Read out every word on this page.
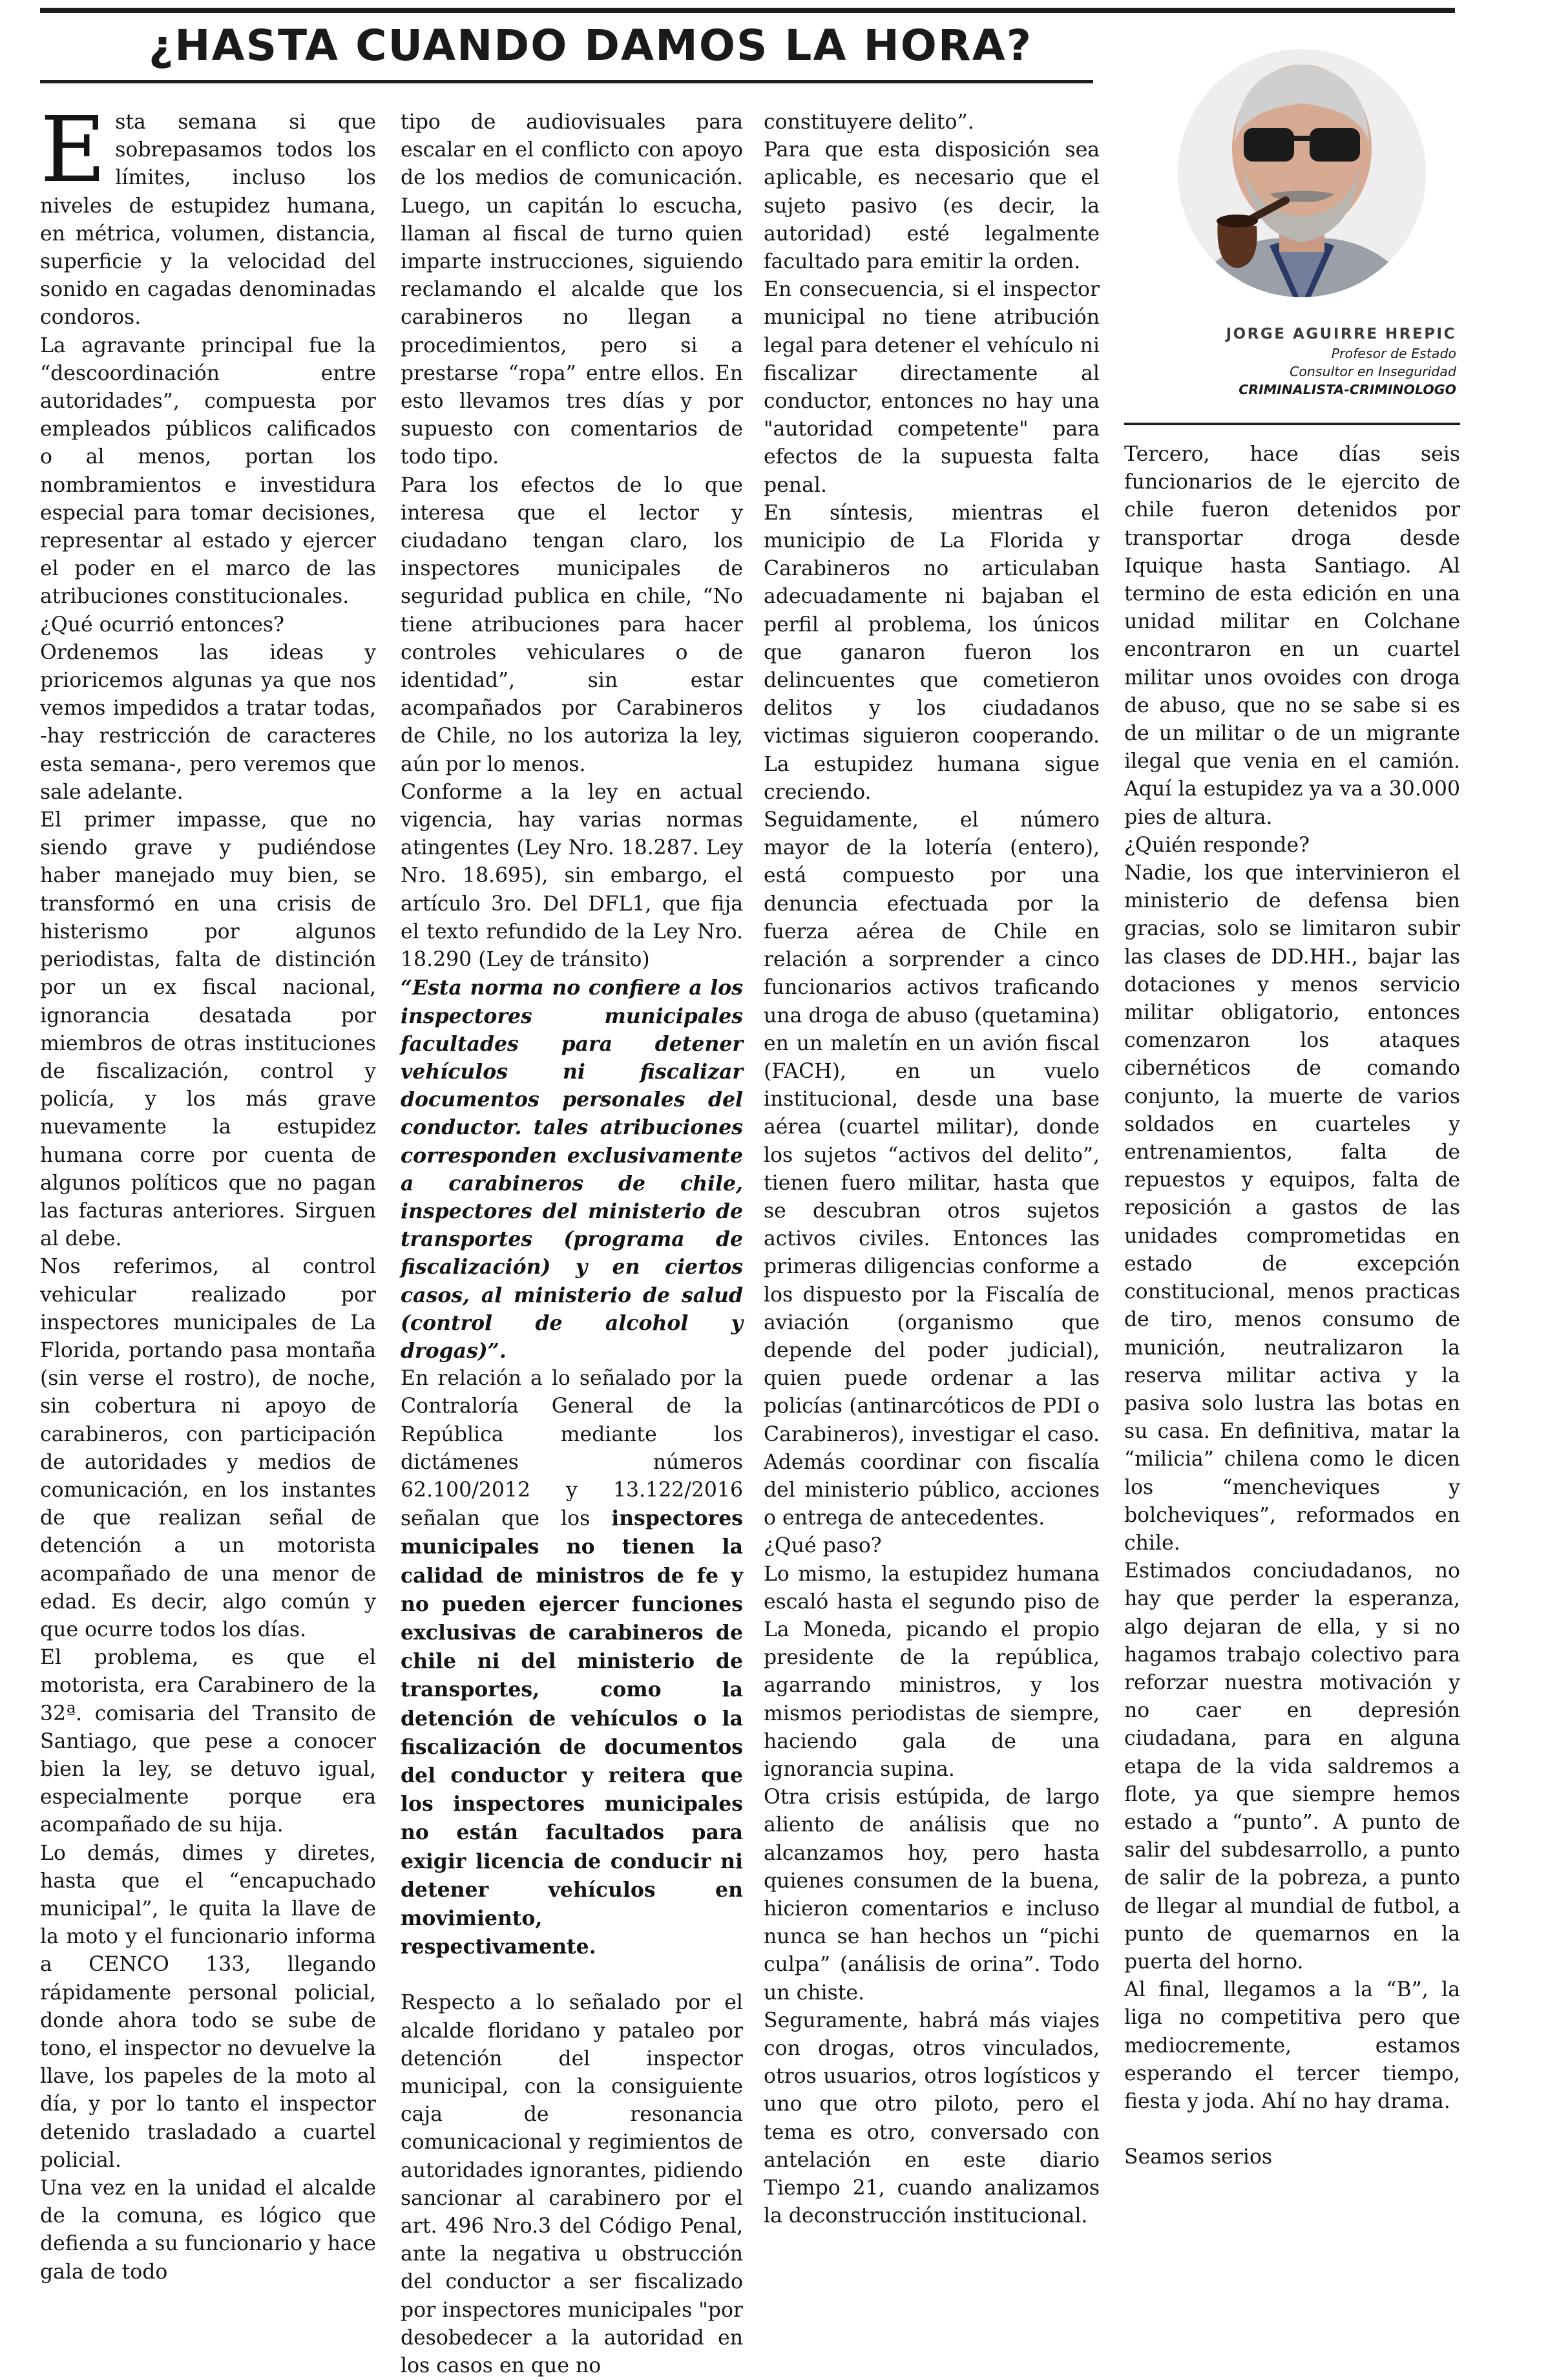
¿HASTA CUANDO DAMOS LA HORA?
JORGE AGUIRRE HREPIC
Profesor de Estado
Consultor en Inseguridad
CRIMINALISTA-CRIMINOLOGO

Esta semana si que sobrepasamos todos los límites, incluso los niveles de estupidez humana, en métrica, volumen, distancia, superficie y la velocidad del sonido en cagadas denominadas condoros.

La agravante principal fue la “descoordinación entre autoridades”, compuesta por empleados públicos calificados o al menos, portan los nombramientos e investidura especial para tomar decisiones, representar al estado y ejercer el poder en el marco de las atribuciones constitucionales.

¿Qué ocurrió entonces?

Ordenemos las ideas y prioricemos algunas ya que nos vemos impedidos a tratar todas, -hay restricción de caracteres esta semana-, pero veremos que sale adelante.

El primer impasse, que no siendo grave y pudiéndose haber manejado muy bien, se transformó en una crisis de histerismo por algunos periodistas, falta de distinción por un ex fiscal nacional, ignorancia desatada por miembros de otras instituciones de fiscalización, control y policía, y los más grave nuevamente la estupidez humana corre por cuenta de algunos políticos que no pagan las facturas anteriores. Sirguen al debe.

Nos referimos, al control vehicular realizado por inspectores municipales de La Florida, portando pasa montaña (sin verse el rostro), de noche, sin cobertura ni apoyo de carabineros, con participación de autoridades y medios de comunicación, en los instantes de que realizan señal de detención a un motorista acompañado de una menor de edad. Es decir, algo común y que ocurre todos los días.

El problema, es que el motorista, era Carabinero de la 32ª. comisaria del Transito de Santiago, que pese a conocer bien la ley, se detuvo igual, especialmente porque era acompañado de su hija.

Lo demás, dimes y diretes, hasta que el “encapuchado municipal”, le quita la llave de la moto y el funcionario informa a CENCO 133, llegando rápidamente personal policial, donde ahora todo se sube de tono, el inspector no devuelve la llave, los papeles de la moto al día, y por lo tanto el inspector detenido trasladado a cuartel policial.

Una vez en la unidad el alcalde de la comuna, es lógico que defienda a su funcionario y hace gala de todo

tipo de audiovisuales para escalar en el conflicto con apoyo de los medios de comunicación. Luego, un capitán lo escucha, llaman al fiscal de turno quien imparte instrucciones, siguiendo reclamando el alcalde que los carabineros no llegan a procedimientos, pero si a prestarse “ropa” entre ellos. En esto llevamos tres días y por supuesto con comentarios de todo tipo.

Para los efectos de lo que interesa que el lector y ciudadano tengan claro, los inspectores municipales de seguridad publica en chile, “No tiene atribuciones para hacer controles vehiculares o de identidad”, sin estar acompañados por Carabineros de Chile, no los autoriza la ley, aún por lo menos.

Conforme a la ley en actual vigencia, hay varias normas atingentes (Ley Nro. 18.287. Ley Nro. 18.695), sin embargo, el artículo 3ro. Del DFL1, que fija el texto refundido de la Ley Nro. 18.290 (Ley de tránsito)

“Esta norma no confiere a los inspectores municipales facultades para detener vehículos ni fiscalizar documentos personales del conductor. tales atribuciones corresponden exclusivamente a carabineros de chile, inspectores del ministerio de transportes (programa de fiscalización) y en ciertos casos, al ministerio de salud (control de alcohol y drogas)”.

En relación a lo señalado por la Contraloría General de la República mediante los dictámenes números 62.100/2012 y 13.122/2016 señalan que los inspectores municipales no tienen la calidad de ministros de fe y no pueden ejercer funciones exclusivas de carabineros de chile ni del ministerio de transportes, como la detención de vehículos o la fiscalización de documentos del conductor y reitera que los inspectores municipales no están facultados para exigir licencia de conducir ni detener vehículos en movimiento, respectivamente.

Respecto a lo señalado por el alcalde floridano y pataleo por detención del inspector municipal, con la consiguiente caja de resonancia comunicacional y regimientos de autoridades ignorantes, pidiendo sancionar al carabinero por el art. 496 Nro.3 del Código Penal, ante la negativa u obstrucción del conductor a ser fiscalizado por inspectores municipales "por desobedecer a la autoridad en los casos en que no

constituyere delito”.

Para que esta disposición sea aplicable, es necesario que el sujeto pasivo (es decir, la autoridad) esté legalmente facultado para emitir la orden.

En consecuencia, si el inspector municipal no tiene atribución legal para detener el vehículo ni fiscalizar directamente al conductor, entonces no hay una "autoridad competente" para efectos de la supuesta falta penal.

En síntesis, mientras el municipio de La Florida y Carabineros no articulaban adecuadamente ni bajaban el perfil al problema, los únicos que ganaron fueron los delincuentes que cometieron delitos y los ciudadanos victimas siguieron cooperando. La estupidez humana sigue creciendo.

Seguidamente, el número mayor de la lotería (entero), está compuesto por una denuncia efectuada por la fuerza aérea de Chile en relación a sorprender a cinco funcionarios activos traficando una droga de abuso (quetamina) en un maletín en un avión fiscal (FACH), en un vuelo institucional, desde una base aérea (cuartel militar), donde los sujetos “activos del delito”, tienen fuero militar, hasta que se descubran otros sujetos activos civiles. Entonces las primeras diligencias conforme a los dispuesto por la Fiscalía de aviación (organismo que depende del poder judicial), quien puede ordenar a las policías (antinarcóticos de PDI o Carabineros), investigar el caso. Además coordinar con fiscalía del ministerio público, acciones o entrega de antecedentes.

¿Qué paso?

Lo mismo, la estupidez humana escaló hasta el segundo piso de La Moneda, picando el propio presidente de la república, agarrando ministros, y los mismos periodistas de siempre, haciendo gala de una ignorancia supina.

Otra crisis estúpida, de largo aliento de análisis que no alcanzamos hoy, pero hasta quienes consumen de la buena, hicieron comentarios e incluso nunca se han hechos un “pichi culpa” (análisis de orina”. Todo un chiste.

Seguramente, habrá más viajes con drogas, otros vinculados, otros usuarios, otros logísticos y uno que otro piloto, pero el tema es otro, conversado con antelación en este diario Tiempo 21, cuando analizamos la deconstrucción institucional.

Tercero, hace días seis funcionarios de le ejercito de chile fueron detenidos por transportar droga desde Iquique hasta Santiago. Al termino de esta edición en una unidad militar en Colchane encontraron en un cuartel militar unos ovoides con droga de abuso, que no se sabe si es de un militar o de un migrante ilegal que venia en el camión. Aquí la estupidez ya va a 30.000 pies de altura.

¿Quién responde?

Nadie, los que intervinieron el ministerio de defensa bien gracias, solo se limitaron subir las clases de DD.HH., bajar las dotaciones y menos servicio militar obligatorio, entonces comenzaron los ataques cibernéticos de comando conjunto, la muerte de varios soldados en cuarteles y entrenamientos, falta de repuestos y equipos, falta de reposición a gastos de las unidades comprometidas en estado de excepción constitucional, menos practicas de tiro, menos consumo de munición, neutralizaron la reserva militar activa y la pasiva solo lustra las botas en su casa. En definitiva, matar la “milicia” chilena como le dicen los “mencheviques y bolcheviques”, reformados en chile.

Estimados conciudadanos, no hay que perder la esperanza, algo dejaran de ella, y si no hagamos trabajo colectivo para reforzar nuestra motivación y no caer en depresión ciudadana, para en alguna etapa de la vida saldremos a flote, ya que siempre hemos estado a “punto”. A punto de salir del subdesarrollo, a punto de salir de la pobreza, a punto de llegar al mundial de futbol, a punto de quemarnos en la puerta del horno.

Al final, llegamos a la “B”, la liga no competitiva pero que mediocremente, estamos esperando el tercer tiempo, fiesta y joda. Ahí no hay drama.

Seamos serios
